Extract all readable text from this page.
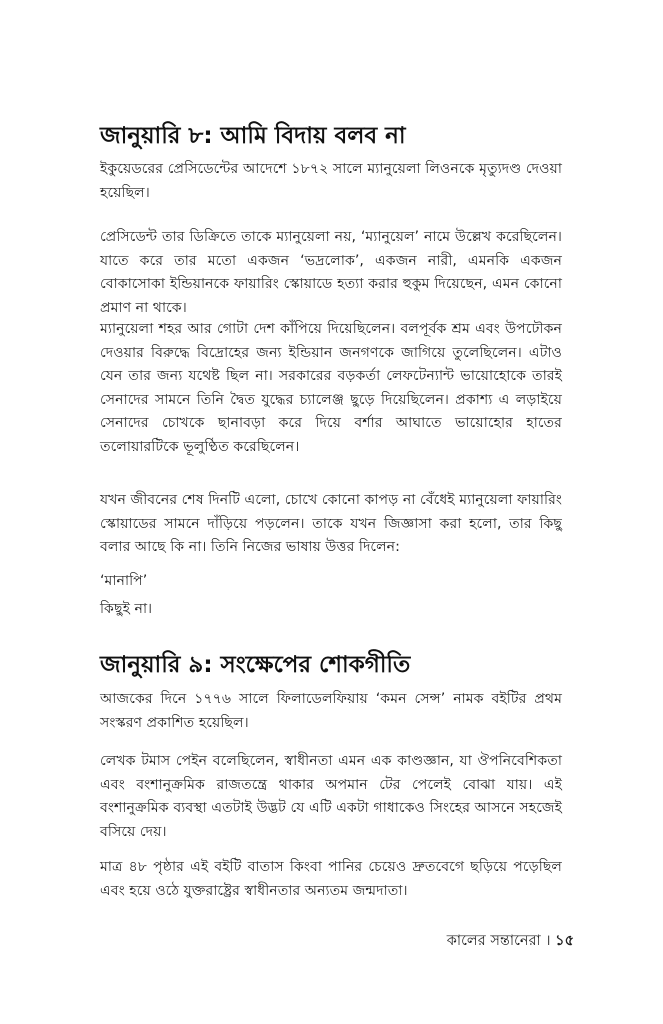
জানুয়ারি ৮: আমি বিদায় বলব না
ইকুয়েডরের প্রেসিডেন্টের আদেশে ১৮৭২ সালে ম্যানুয়েলা লিওনকে মৃত্যুদণ্ড দেওয়া হয়েছিল।
প্রেসিডেন্ট তার ডিক্রিতে তাকে ম্যানুয়েলা নয়, ‘ম্যানুয়েল’ নামে উল্লেখ করেছিলেন। যাতে করে তার মতো একজন ‘ভদ্রলোক’, একজন নারী, এমনকি একজন বোকাসোকা ইন্ডিয়ানকে ফায়ারিং স্কোয়াডে হত্যা করার হুকুম দিয়েছেন, এমন কোনো প্রমাণ না থাকে।
ম্যানুয়েলা শহর আর গোটা দেশ কাঁপিয়ে দিয়েছিলেন। বলপূর্বক শ্রম এবং উপঢৌকন দেওয়ার বিরুদ্ধে বিদ্রোহের জন্য ইন্ডিয়ান জনগণকে জাগিয়ে তুলেছিলেন। এটাও যেন তার জন্য যথেষ্ট ছিল না। সরকারের বড়কর্তা লেফটেন্যান্ট ভায়োহোকে তারই সেনাদের সামনে তিনি দ্বৈত যুদ্ধের চ্যালেঞ্জ ছুড়ে দিয়েছিলেন। প্রকাশ্য এ লড়াইয়ে সেনাদের চোখকে ছানাবড়া করে দিয়ে বর্শার আঘাতে ভায়োহোর হাতের তলোয়ারটিকে ভূলুণ্ঠিত করেছিলেন।
যখন জীবনের শেষ দিনটি এলো, চোখে কোনো কাপড় না বেঁধেই ম্যানুয়েলা ফায়ারিং স্কোয়াডের সামনে দাঁড়িয়ে পড়লেন। তাকে যখন জিজ্ঞাসা করা হলো, তার কিছু বলার আছে কি না। তিনি নিজের ভাষায় উত্তর দিলেন:
‘মানাপি’
কিছুই না।
জানুয়ারি ৯: সংক্ষেপের শোকগীতি
আজকের দিনে ১৭৭৬ সালে ফিলাডেলফিয়ায় ‘কমন সেন্স’ নামক বইটির প্রথম সংস্করণ প্রকাশিত হয়েছিল।
লেখক টমাস পেইন বলেছিলেন, স্বাধীনতা এমন এক কাণ্ডজ্ঞান, যা ঔপনিবেশিকতা এবং বংশানুক্রমিক রাজতন্ত্রে থাকার অপমান টের পেলেই বোঝা যায়। এই বংশানুক্রমিক ব্যবস্থা এতটাই উদ্ভট যে এটি একটা গাধাকেও সিংহের আসনে সহজেই বসিয়ে দেয়।
মাত্র ৪৮ পৃষ্ঠার এই বইটি বাতাস কিংবা পানির চেয়েও দ্রুতবেগে ছড়িয়ে পড়েছিল এবং হয়ে ওঠে যুক্তরাষ্ট্রের স্বাধীনতার অন্যতম জন্মদাতা।
কালের সন্তানেরা । ১৫
